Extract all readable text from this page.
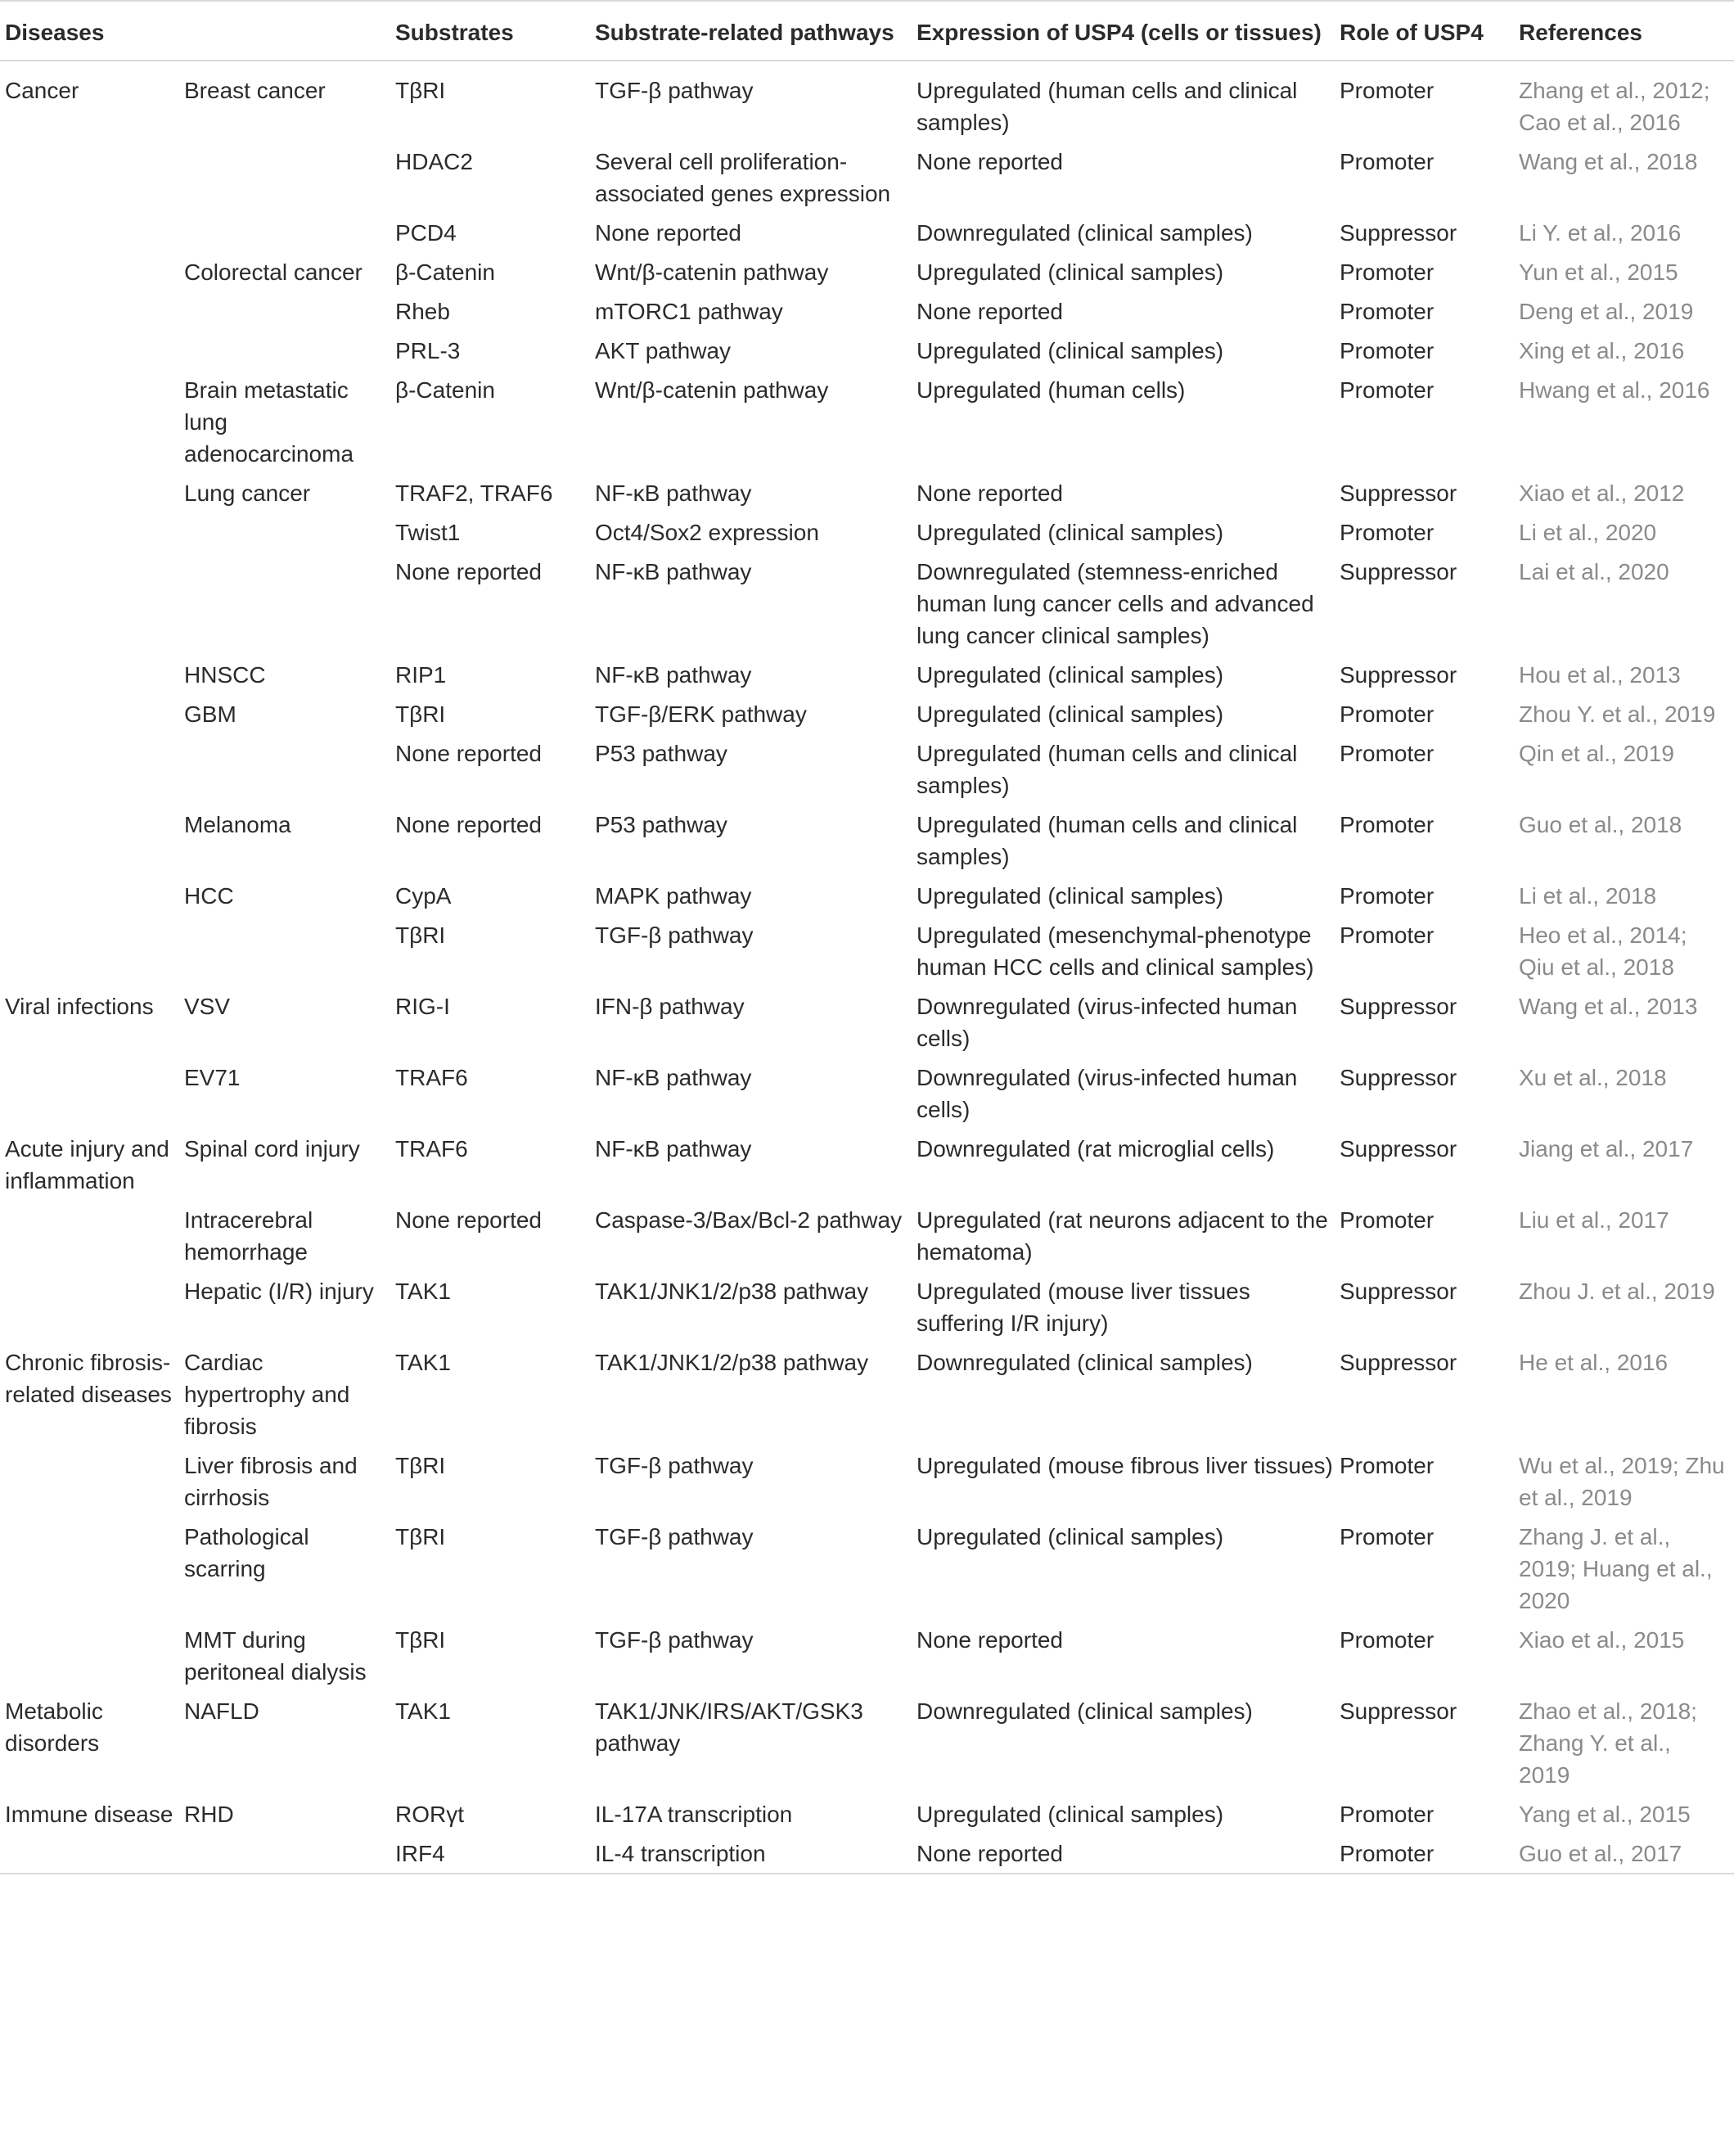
Diseases		Substrates	Substrate-related pathways	Expression of USP4 (cells or tissues)	Role of USP4	References
Cancer	Breast cancer	TβRI	TGF-β pathway	Upregulated (human cells and clinical samples)	Promoter	Zhang et al., 2012; Cao et al., 2016
		HDAC2	Several cell proliferation-associated genes expression	None reported	Promoter	Wang et al., 2018
		PCD4	None reported	Downregulated (clinical samples)	Suppressor	Li Y. et al., 2016
	Colorectal cancer	β-Catenin	Wnt/β-catenin pathway	Upregulated (clinical samples)	Promoter	Yun et al., 2015
		Rheb	mTORC1 pathway	None reported	Promoter	Deng et al., 2019
		PRL-3	AKT pathway	Upregulated (clinical samples)	Promoter	Xing et al., 2016
	Brain metastatic lung adenocarcinoma	β-Catenin	Wnt/β-catenin pathway	Upregulated (human cells)	Promoter	Hwang et al., 2016
	Lung cancer	TRAF2, TRAF6	NF-κB pathway	None reported	Suppressor	Xiao et al., 2012
		Twist1	Oct4/Sox2 expression	Upregulated (clinical samples)	Promoter	Li et al., 2020
		None reported	NF-κB pathway	Downregulated (stemness-enriched human lung cancer cells and advanced lung cancer clinical samples)	Suppressor	Lai et al., 2020
	HNSCC	RIP1	NF-κB pathway	Upregulated (clinical samples)	Suppressor	Hou et al., 2013
	GBM	TβRI	TGF-β/ERK pathway	Upregulated (clinical samples)	Promoter	Zhou Y. et al., 2019
		None reported	P53 pathway	Upregulated (human cells and clinical samples)	Promoter	Qin et al., 2019
	Melanoma	None reported	P53 pathway	Upregulated (human cells and clinical samples)	Promoter	Guo et al., 2018
	HCC	CypA	MAPK pathway	Upregulated (clinical samples)	Promoter	Li et al., 2018
		TβRI	TGF-β pathway	Upregulated (mesenchymal-phenotype human HCC cells and clinical samples)	Promoter	Heo et al., 2014; Qiu et al., 2018
Viral infections	VSV	RIG-I	IFN-β pathway	Downregulated (virus-infected human cells)	Suppressor	Wang et al., 2013
	EV71	TRAF6	NF-κB pathway	Downregulated (virus-infected human cells)	Suppressor	Xu et al., 2018
Acute injury and inflammation	Spinal cord injury	TRAF6	NF-κB pathway	Downregulated (rat microglial cells)	Suppressor	Jiang et al., 2017
	Intracerebral hemorrhage	None reported	Caspase-3/Bax/Bcl-2 pathway	Upregulated (rat neurons adjacent to the hematoma)	Promoter	Liu et al., 2017
	Hepatic (I/R) injury	TAK1	TAK1/JNK1/2/p38 pathway	Upregulated (mouse liver tissues suffering I/R injury)	Suppressor	Zhou J. et al., 2019
Chronic fibrosis-related diseases	Cardiac hypertrophy and fibrosis	TAK1	TAK1/JNK1/2/p38 pathway	Downregulated (clinical samples)	Suppressor	He et al., 2016
	Liver fibrosis and cirrhosis	TβRI	TGF-β pathway	Upregulated (mouse fibrous liver tissues)	Promoter	Wu et al., 2019; Zhu et al., 2019
	Pathological scarring	TβRI	TGF-β pathway	Upregulated (clinical samples)	Promoter	Zhang J. et al., 2019; Huang et al., 2020
	MMT during peritoneal dialysis	TβRI	TGF-β pathway	None reported	Promoter	Xiao et al., 2015
Metabolic disorders	NAFLD	TAK1	TAK1/JNK/IRS/AKT/GSK3 pathway	Downregulated (clinical samples)	Suppressor	Zhao et al., 2018; Zhang Y. et al., 2019
Immune disease	RHD	RORγt	IL-17A transcription	Upregulated (clinical samples)	Promoter	Yang et al., 2015
		IRF4	IL-4 transcription	None reported	Promoter	Guo et al., 2017
